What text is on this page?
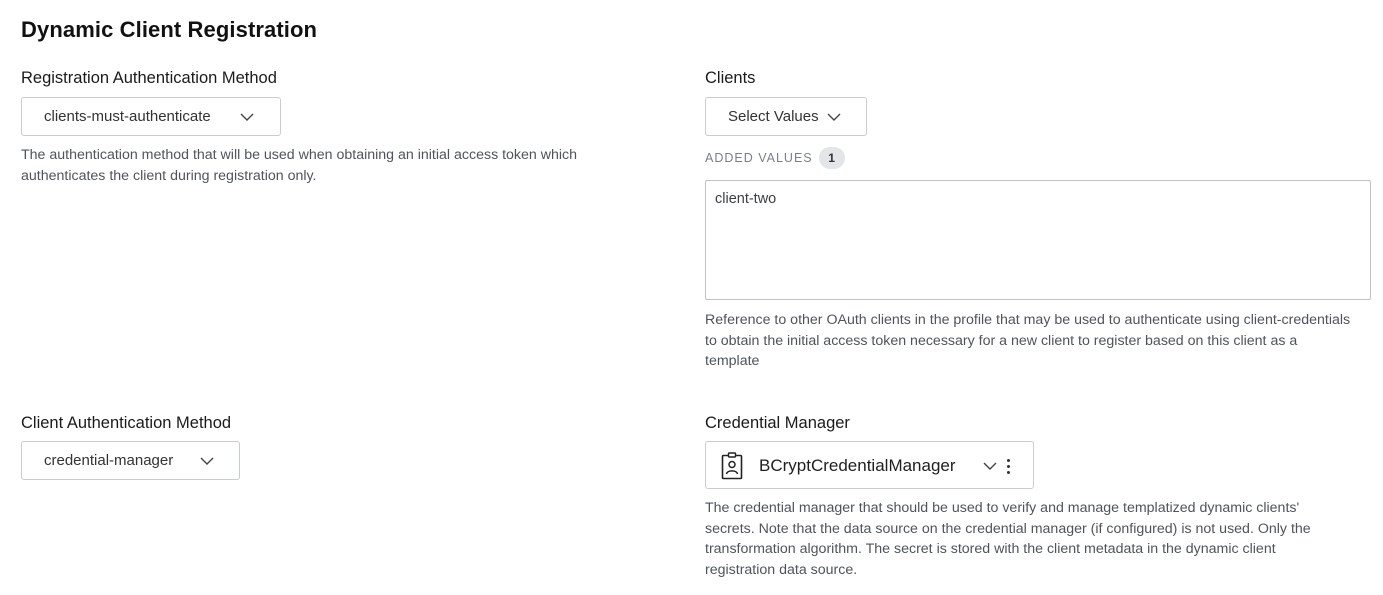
Dynamic Client Registration
Registration Authentication Method
clients-must-authenticate
The authentication method that will be used when obtaining an initial access token which authenticates the client during registration only.
Clients
Select Values
ADDED VALUES	1
client-two
Reference to other OAuth clients in the profile that may be used to authenticate using client-credentials to obtain the initial access token necessary for a new client to register based on this client as a template
Client Authentication Method
credential-manager
Credential Manager
BCryptCredentialManager
The credential manager that should be used to verify and manage templatized dynamic clients' secrets. Note that the data source on the credential manager (if configured) is not used. Only the transformation algorithm. The secret is stored with the client metadata in the dynamic client registration data source.
